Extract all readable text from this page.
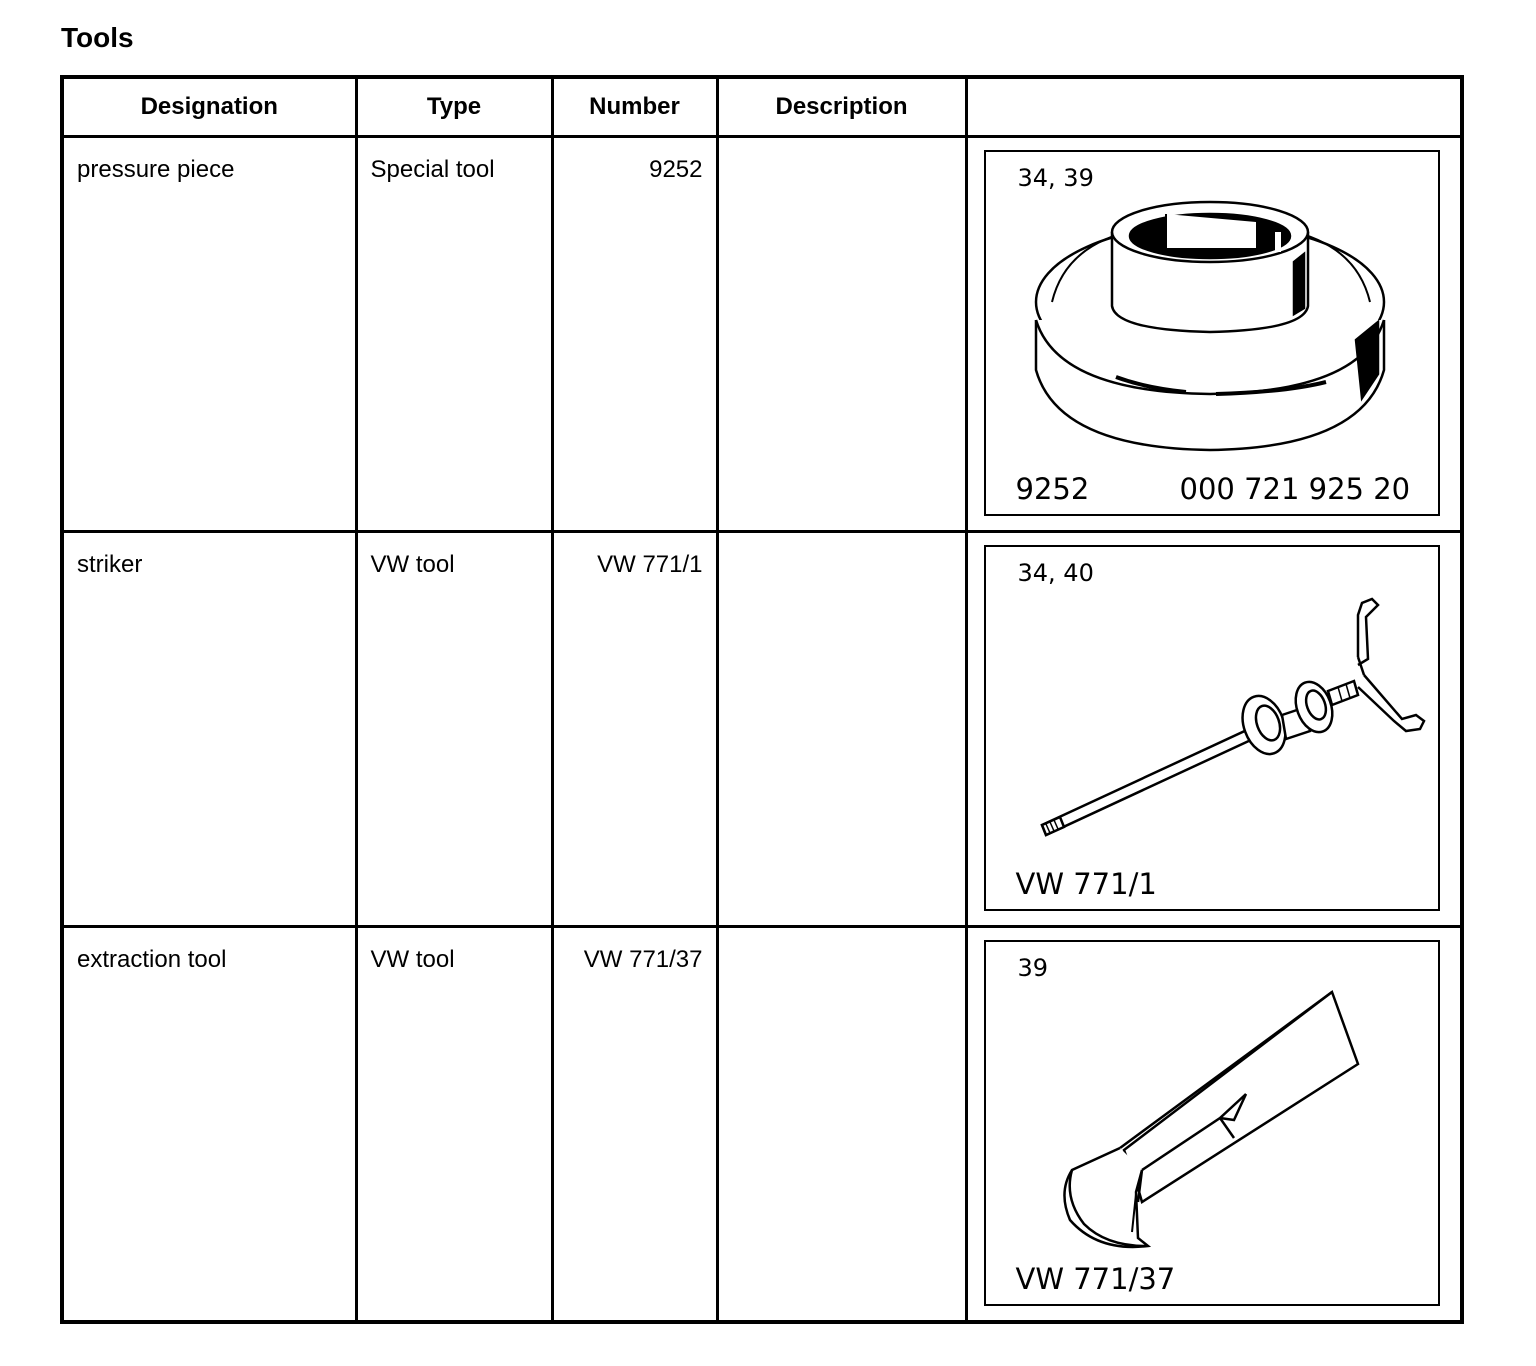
Tools
Designation	Type	Number	Description	

pressure piece	Special tool	9252		34, 39
9252 000 721 925 20

striker	VW tool	VW 771/1		34, 40
VW 771/1

extraction tool	VW tool	VW 771/37		39
VW 771/37
